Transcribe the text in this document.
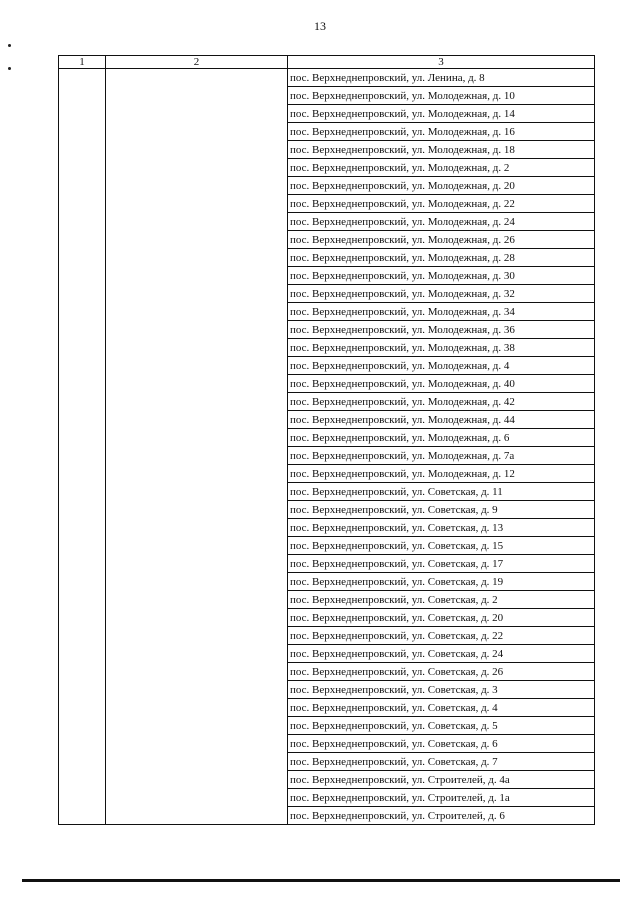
13
1	2	3
		пос. Верхнеднепровский, ул. Ленина, д. 8
		пос. Верхнеднепровский, ул. Молодежная, д. 10
		пос. Верхнеднепровский, ул. Молодежная, д. 14
		пос. Верхнеднепровский, ул. Молодежная, д. 16
		пос. Верхнеднепровский, ул. Молодежная, д. 18
		пос. Верхнеднепровский, ул. Молодежная, д. 2
		пос. Верхнеднепровский, ул. Молодежная, д. 20
		пос. Верхнеднепровский, ул. Молодежная, д. 22
		пос. Верхнеднепровский, ул. Молодежная, д. 24
		пос. Верхнеднепровский, ул. Молодежная, д. 26
		пос. Верхнеднепровский, ул. Молодежная, д. 28
		пос. Верхнеднепровский, ул. Молодежная, д. 30
		пос. Верхнеднепровский, ул. Молодежная, д. 32
		пос. Верхнеднепровский, ул. Молодежная, д. 34
		пос. Верхнеднепровский, ул. Молодежная, д. 36
		пос. Верхнеднепровский, ул. Молодежная, д. 38
		пос. Верхнеднепровский, ул. Молодежная, д. 4
		пос. Верхнеднепровский, ул. Молодежная, д. 40
		пос. Верхнеднепровский, ул. Молодежная, д. 42
		пос. Верхнеднепровский, ул. Молодежная, д. 44
		пос. Верхнеднепровский, ул. Молодежная, д. 6
		пос. Верхнеднепровский, ул. Молодежная, д. 7а
		пос. Верхнеднепровский, ул. Молодежная, д. 12
		пос. Верхнеднепровский, ул. Советская, д. 11
		пос. Верхнеднепровский, ул. Советская, д. 9
		пос. Верхнеднепровский, ул. Советская, д. 13
		пос. Верхнеднепровский, ул. Советская, д. 15
		пос. Верхнеднепровский, ул. Советская, д. 17
		пос. Верхнеднепровский, ул. Советская, д. 19
		пос. Верхнеднепровский, ул. Советская, д. 2
		пос. Верхнеднепровский, ул. Советская, д. 20
		пос. Верхнеднепровский, ул. Советская, д. 22
		пос. Верхнеднепровский, ул. Советская, д. 24
		пос. Верхнеднепровский, ул. Советская, д. 26
		пос. Верхнеднепровский, ул. Советская, д. 3
		пос. Верхнеднепровский, ул. Советская, д. 4
		пос. Верхнеднепровский, ул. Советская, д. 5
		пос. Верхнеднепровский, ул. Советская, д. 6
		пос. Верхнеднепровский, ул. Советская, д. 7
		пос. Верхнеднепровский, ул. Строителей, д. 4а
		пос. Верхнеднепровский, ул. Строителей, д. 1а
		пос. Верхнеднепровский, ул. Строителей, д. 6
